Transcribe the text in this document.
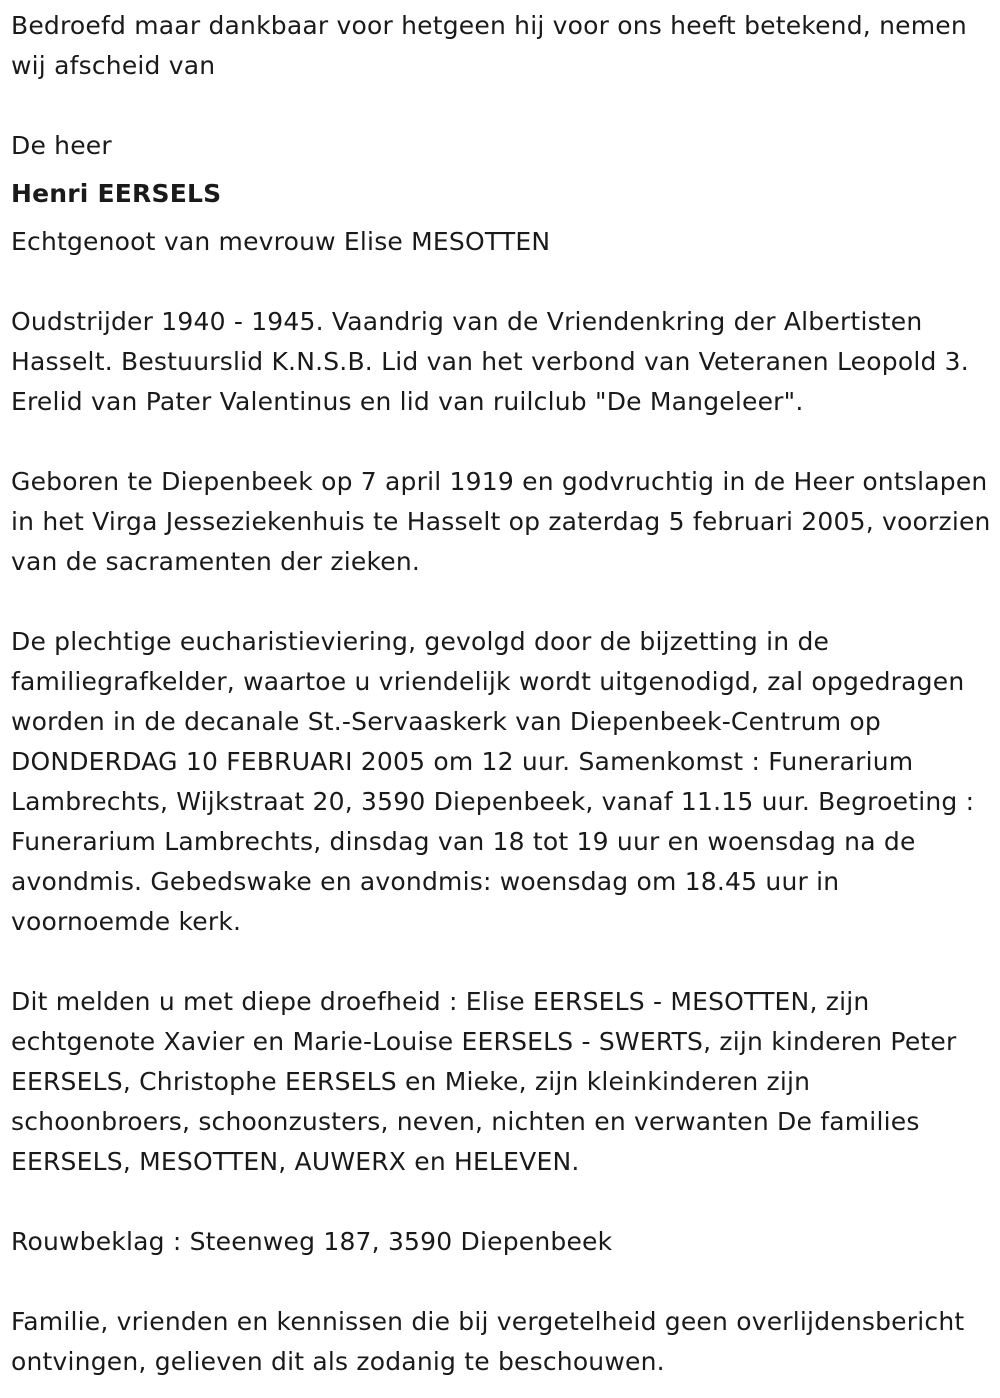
Bedroefd maar dankbaar voor hetgeen hij voor ons heeft betekend, nemen wij afscheid van

De heer

Henri EERSELS

Echtgenoot van mevrouw Elise MESOTTEN

Oudstrijder 1940 - 1945. Vaandrig van de Vriendenkring der Albertisten Hasselt. Bestuurslid K.N.S.B. Lid van het verbond van Veteranen Leopold 3. Erelid van Pater Valentinus en lid van ruilclub "De Mangeleer".

Geboren te Diepenbeek op 7 april 1919 en godvruchtig in de Heer ontslapen in het Virga Jesseziekenhuis te Hasselt op zaterdag 5 februari 2005, voorzien van de sacramenten der zieken.

De plechtige eucharistieviering, gevolgd door de bijzetting in de familiegrafkelder, waartoe u vriendelijk wordt uitgenodigd, zal opgedragen worden in de decanale St.-Servaaskerk van Diepenbeek-Centrum op DONDERDAG 10 FEBRUARI 2005 om 12 uur. Samenkomst : Funerarium Lambrechts, Wijkstraat 20, 3590 Diepenbeek, vanaf 11.15 uur. Begroeting : Funerarium Lambrechts, dinsdag van 18 tot 19 uur en woensdag na de avondmis. Gebedswake en avondmis: woensdag om 18.45 uur in voornoemde kerk.

Dit melden u met diepe droefheid : Elise EERSELS - MESOTTEN, zijn echtgenote Xavier en Marie-Louise EERSELS - SWERTS, zijn kinderen Peter EERSELS, Christophe EERSELS en Mieke, zijn kleinkinderen zijn schoonbroers, schoonzusters, neven, nichten en verwanten De families EERSELS, MESOTTEN, AUWERX en HELEVEN.

Rouwbeklag : Steenweg 187, 3590 Diepenbeek

Familie, vrienden en kennissen die bij vergetelheid geen overlijdensbericht ontvingen, gelieven dit als zodanig te beschouwen.
